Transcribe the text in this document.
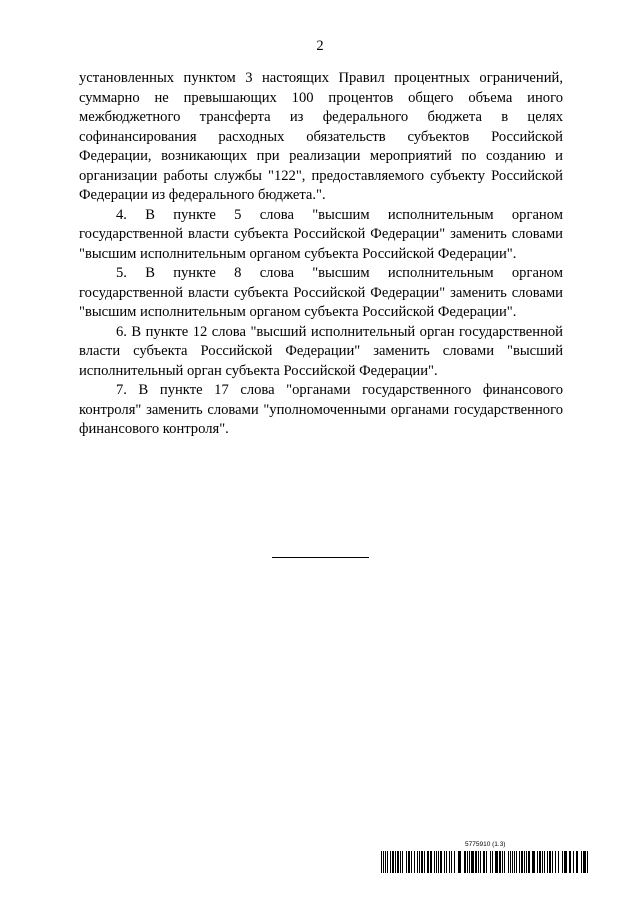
2

установленных пунктом 3 настоящих Правил процентных ограничений, суммарно не превышающих 100 процентов общего объема иного межбюджетного трансферта из федерального бюджета в целях софинансирования расходных обязательств субъектов Российской Федерации, возникающих при реализации мероприятий по созданию и организации работы службы "122", предоставляемого субъекту Российской Федерации из федерального бюджета.".

4. В пункте 5 слова "высшим исполнительным органом государственной власти субъекта Российской Федерации" заменить словами "высшим исполнительным органом субъекта Российской Федерации".

5. В пункте 8 слова "высшим исполнительным органом государственной власти субъекта Российской Федерации" заменить словами "высшим исполнительным органом субъекта Российской Федерации".

6. В пункте 12 слова "высший исполнительный орган государственной власти субъекта Российской Федерации" заменить словами "высший исполнительный орган субъекта Российской Федерации".

7. В пункте 17 слова "органами государственного финансового контроля" заменить словами "уполномоченными органами государственного финансового контроля".

5775910 (1.3)
